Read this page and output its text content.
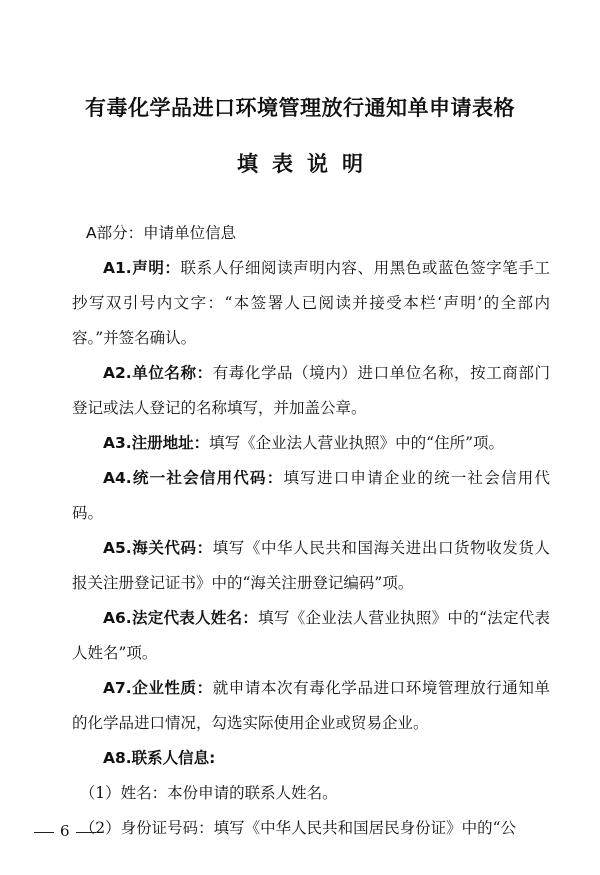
有毒化学品进口环境管理放行通知单申请表格
填表说明

A部分：申请单位信息

A1.声明：联系人仔细阅读声明内容、用黑色或蓝色签字笔手工抄写双引号内文字：“本签署人已阅读并接受本栏‘声明’的全部内容。”并签名确认。

A2.单位名称：有毒化学品（境内）进口单位名称，按工商部门登记或法人登记的名称填写，并加盖公章。

A3.注册地址：填写《企业法人营业执照》中的“住所”项。

A4.统一社会信用代码：填写进口申请企业的统一社会信用代码。

A5.海关代码：填写《中华人民共和国海关进出口货物收发货人报关注册登记证书》中的“海关注册登记编码”项。

A6.法定代表人姓名：填写《企业法人营业执照》中的“法定代表人姓名”项。

A7.企业性质：就申请本次有毒化学品进口环境管理放行通知单的化学品进口情况，勾选实际使用企业或贸易企业。

A8.联系人信息:

（1）姓名：本份申请的联系人姓名。

（2）身份证号码：填写《中华人民共和国居民身份证》中的“公

6
